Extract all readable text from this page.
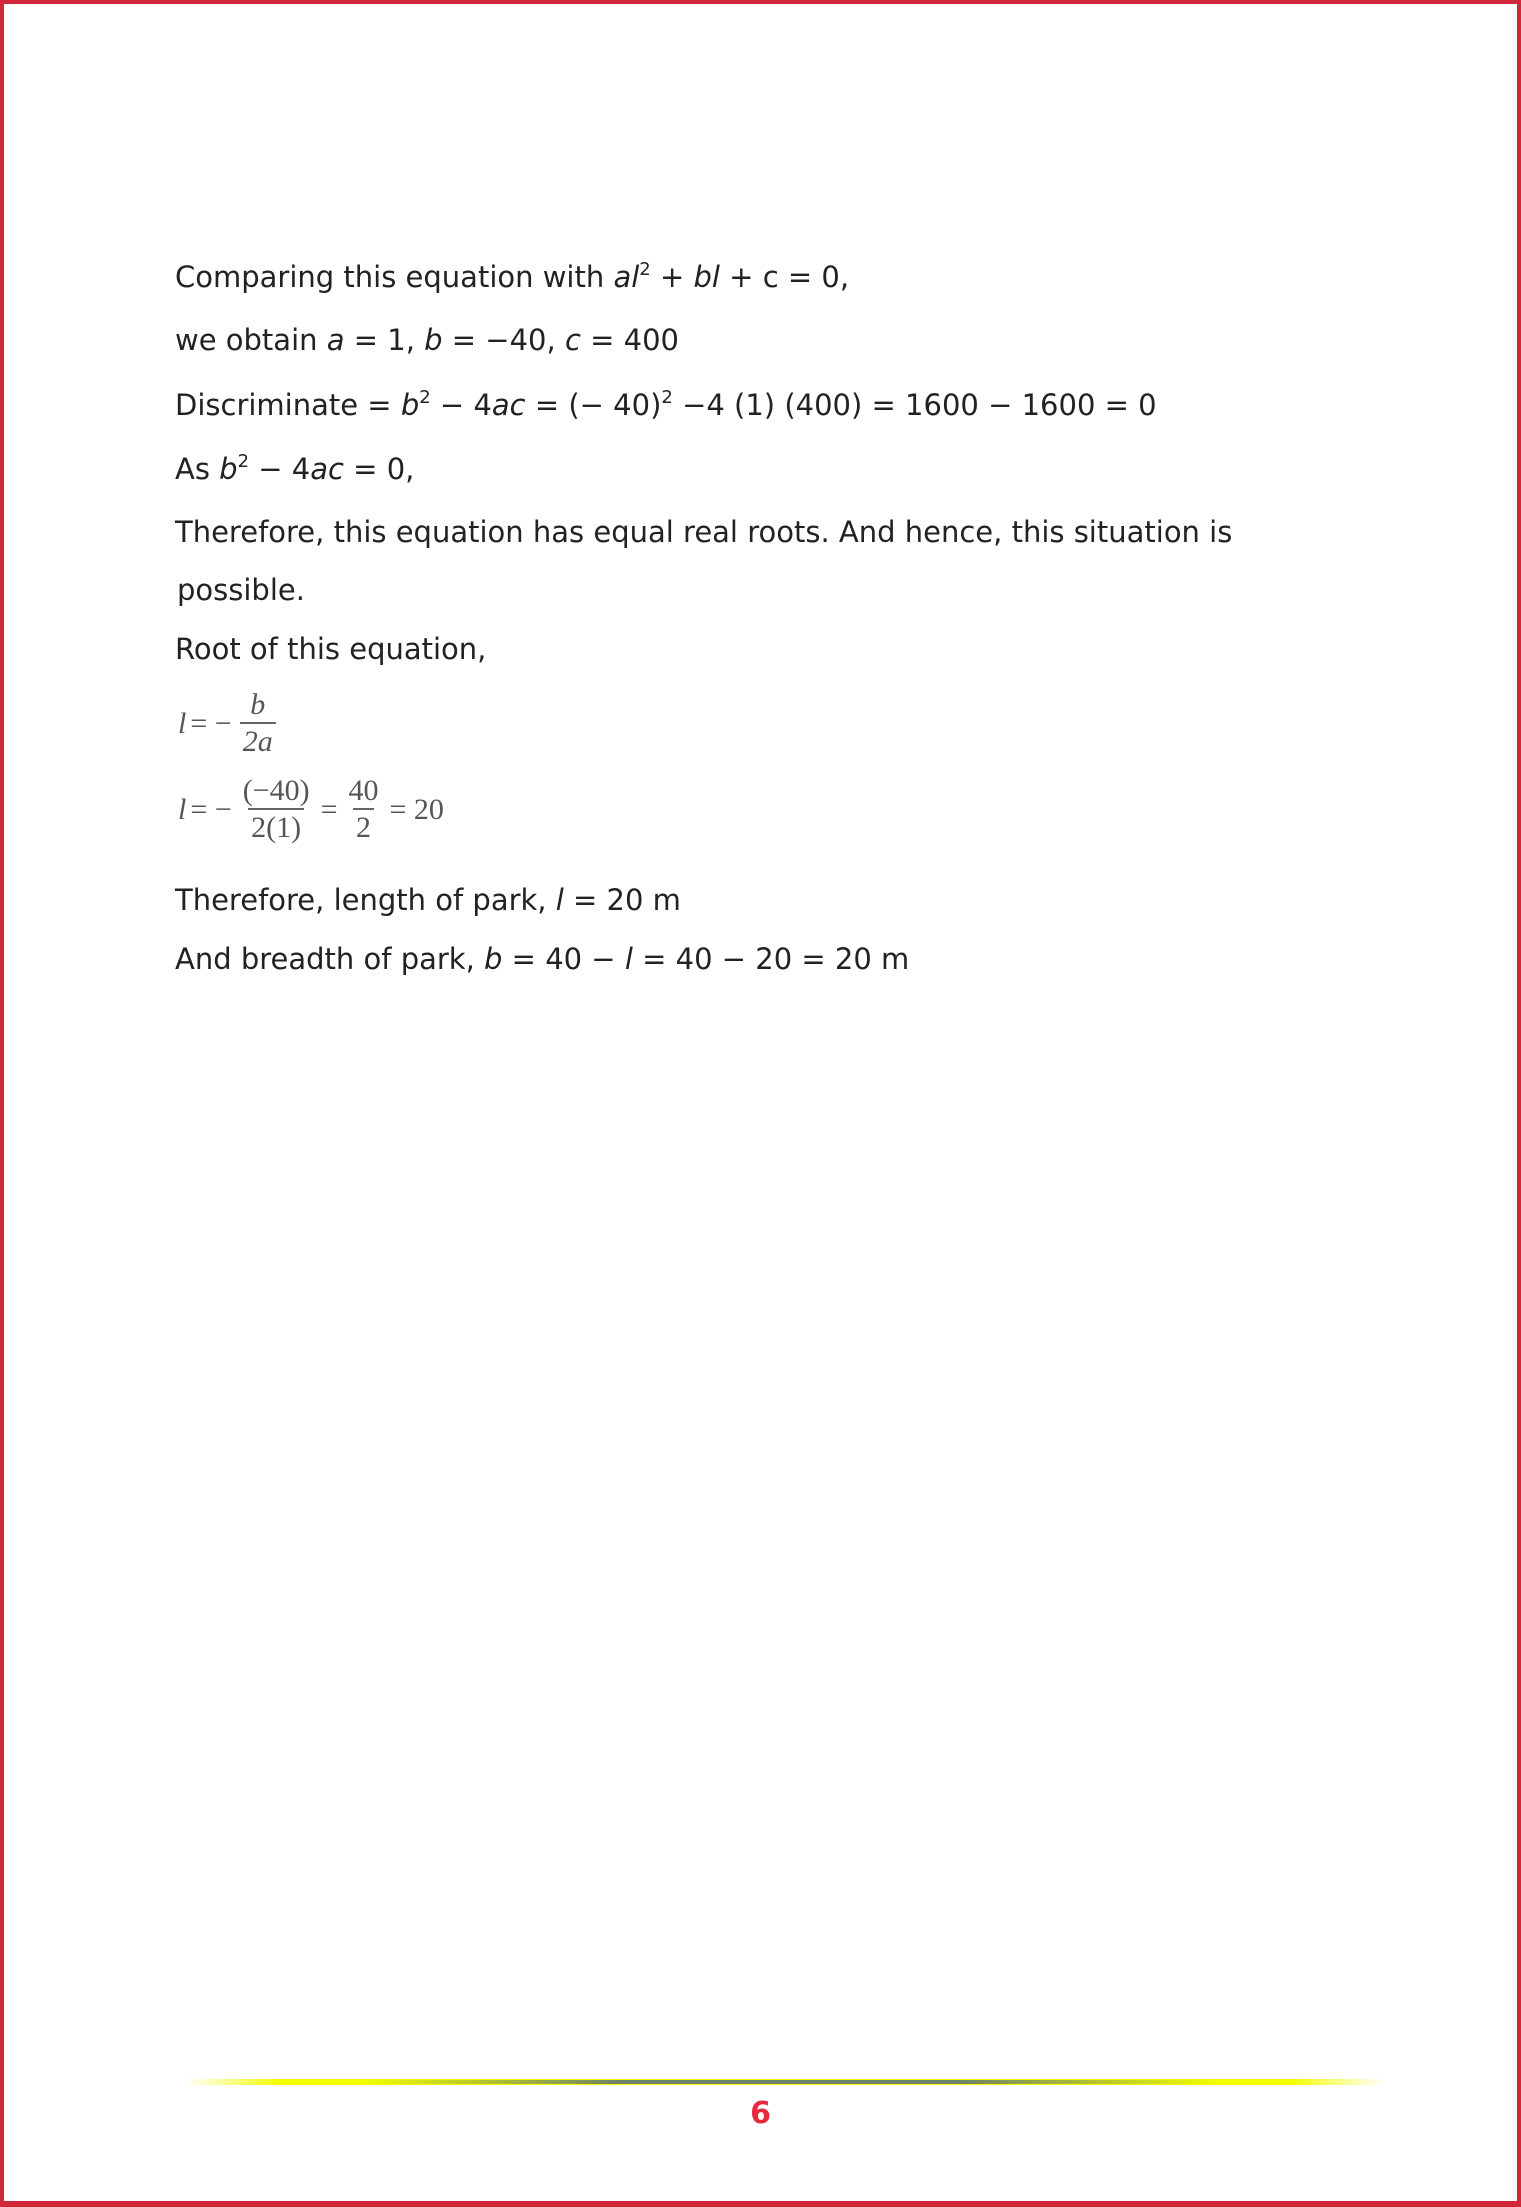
Comparing this equation with $al^2$ + bl + c = 0,
we obtain a = 1, b = −40, c = 400
Discriminate = $b^2 - 4ac$ = (− 40)$^2$ −4 (1) (400) = 1600 − 1600 = 0
As $b^2 - 4ac = 0$,
Therefore, this equation has equal real roots. And hence, this situation is
possible.
Root of this equation,
l = − $\frac{b}{2a}$
l = − $\frac{(-40)}{2(1)} = \frac{40}{2} = 20$
Therefore, length of park, l = 20 m
And breadth of park, b = 40 − l = 40 − 20 = 20 m
6
